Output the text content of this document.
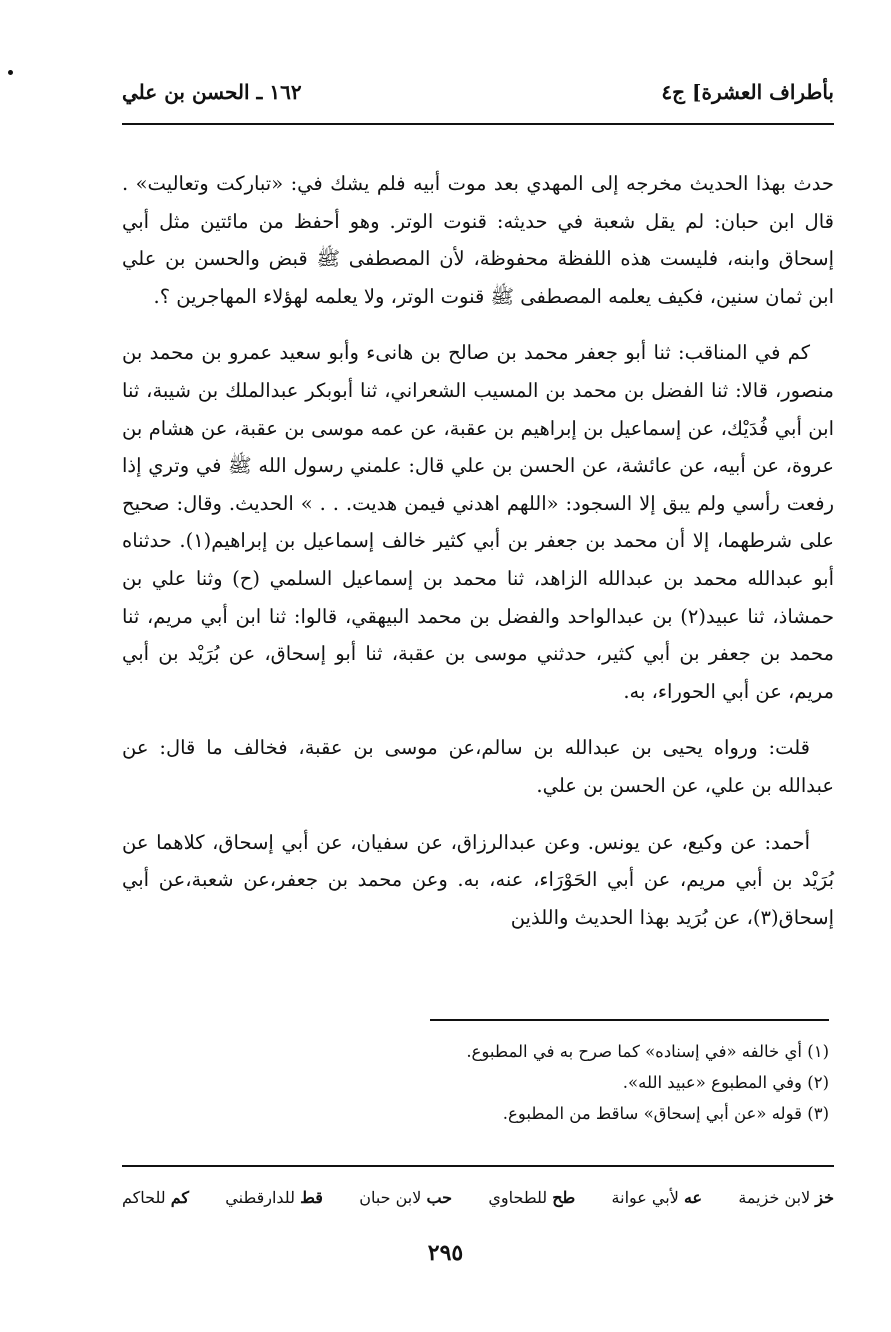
١٦٢ ـ الحسن بن علي	بأطراف العشرة] ج٤

حدث بهذا الحديث مخرجه إلى المهدي بعد موت أبيه فلم يشك في: «تباركت وتعاليت» . قال ابن حبان: لم يقل شعبة في حديثه: قنوت الوتر. وهو أحفظ من مائتين مثل أبي إسحاق وابنه، فليست هذه اللفظة محفوظة، لأن المصطفى ﷺ قبض والحسن بن علي ابن ثمان سنين، فكيف يعلمه المصطفى ﷺ قنوت الوتر، ولا يعلمه لهؤلاء المهاجرين ؟.

كم في المناقب: ثنا أبو جعفر محمد بن صالح بن هانىء وأبو سعيد عمرو بن محمد بن منصور، قالا: ثنا الفضل بن محمد بن المسيب الشعراني، ثنا أبوبكر عبدالملك بن شيبة، ثنا ابن أبي فُدَيْك، عن إسماعيل بن إبراهيم بن عقبة، عن عمه موسى بن عقبة، عن هشام بن عروة، عن أبيه، عن عائشة، عن الحسن بن علي قال: علمني رسول الله ﷺ في وتري إذا رفعت رأسي ولم يبق إلا السجود: «اللهم اهدني فيمن هديت. . . » الحديث. وقال: صحيح على شرطهما، إلا أن محمد بن جعفر بن أبي كثير خالف إسماعيل بن إبراهيم(١). حدثناه أبو عبدالله محمد بن عبدالله الزاهد، ثنا محمد بن إسماعيل السلمي (ح) وثنا علي بن حمشاذ، ثنا عبيد(٢) بن عبدالواحد والفضل بن محمد البيهقي، قالوا: ثنا ابن أبي مريم، ثنا محمد بن جعفر بن أبي كثير، حدثني موسى بن عقبة، ثنا أبو إسحاق، عن بُرَيْد بن أبي مريم، عن أبي الحوراء، به.

قلت: ورواه يحيى بن عبدالله بن سالم،عن موسى بن عقبة، فخالف ما قال: عن عبدالله بن علي، عن الحسن بن علي.

أحمد: عن وكيع، عن يونس. وعن عبدالرزاق، عن سفيان، عن أبي إسحاق، كلاهما عن بُرَيْد بن أبي مريم، عن أبي الحَوْرَاء، عنه، به. وعن محمد بن جعفر،عن شعبة،عن أبي إسحاق(٣)، عن بُرَيد بهذا الحديث واللذين

(١) أي خالفه «في إسناده» كما صرح به في المطبوع.
(٢) وفي المطبوع «عبيد الله».
(٣) قوله «عن أبي إسحاق» ساقط من المطبوع.
خز لابن خزيمة
عه لأبي عوانة
طح للطحاوي
حب لابن حبان
قط للدارقطني
كم للحاكم
٢٩٥
